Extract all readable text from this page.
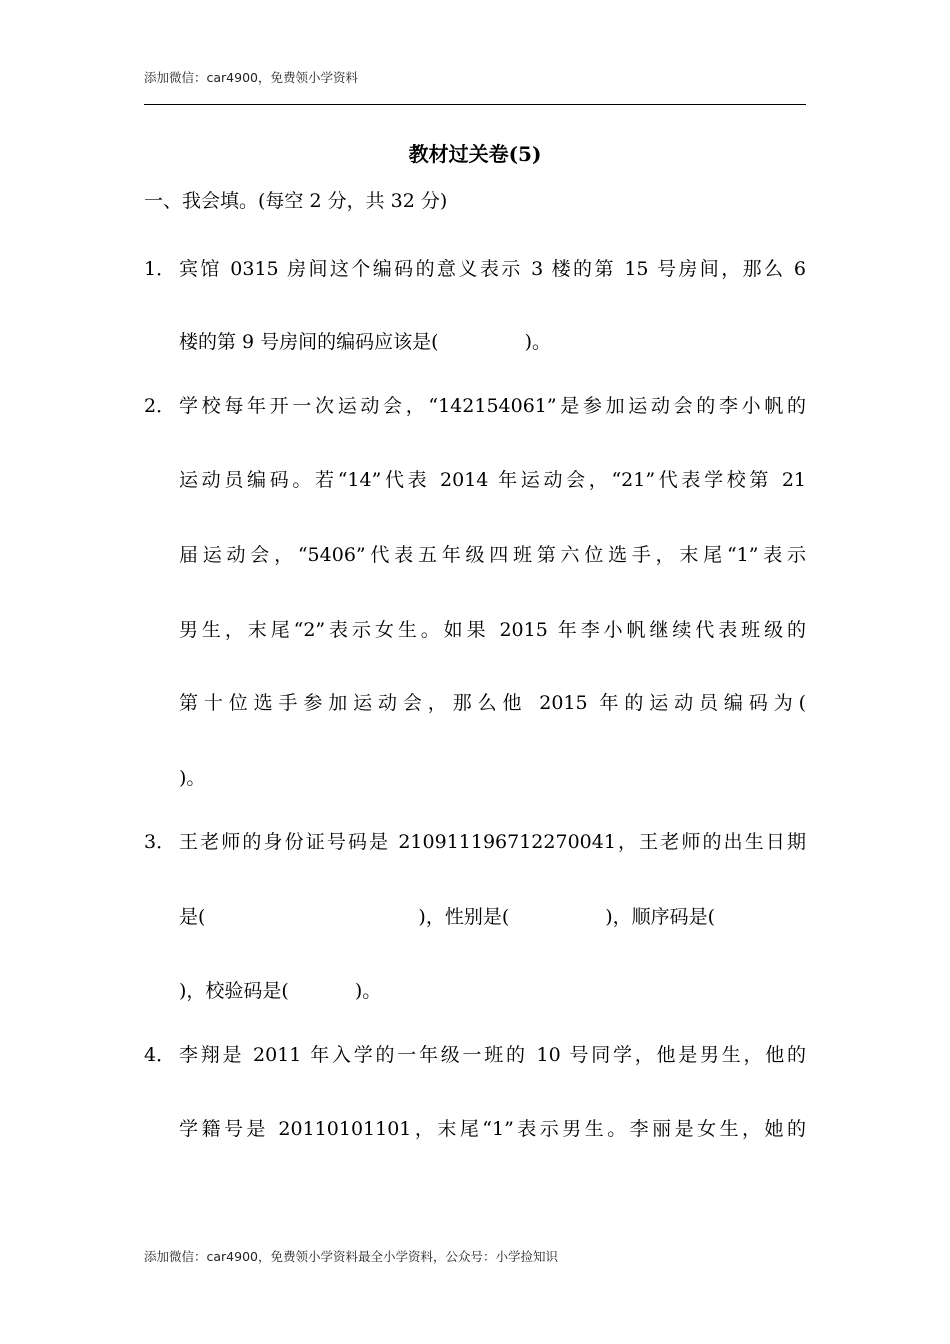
添加微信：car4900，免费领小学资料
教材过关卷(5)
一、我会填。(每空 2 分，共 32 分)
1． 宾馆 0315 房间这个编码的意义表示 3 楼的第 15 号房间，那么 6
楼的第 9 号房间的编码应该是(	)。
2． 学校每年开一次运动会，“142154061”是参加运动会的李小帆的
运动员编码。若“14”代表 2014 年运动会，“21”代表学校第 21
届运动会，“5406”代表五年级四班第六位选手，末尾“1”表示
男生，末尾“2”表示女生。如果 2015 年李小帆继续代表班级的
第十位选手参加运动会，那么他 2015 年的运动员编码为(
)。
3． 王老师的身份证号码是 210911196712270041，王老师的出生日期
是(	)，性别是(	)，顺序码是(
)，校验码是(	)。
4． 李翔是 2011 年入学的一年级一班的 10 号同学，他是男生，他的
学籍号是 20110101101，末尾“1”表示男生。李丽是女生，她的
添加微信：car4900，免费领小学资料最全小学资料，公众号：小学捡知识
